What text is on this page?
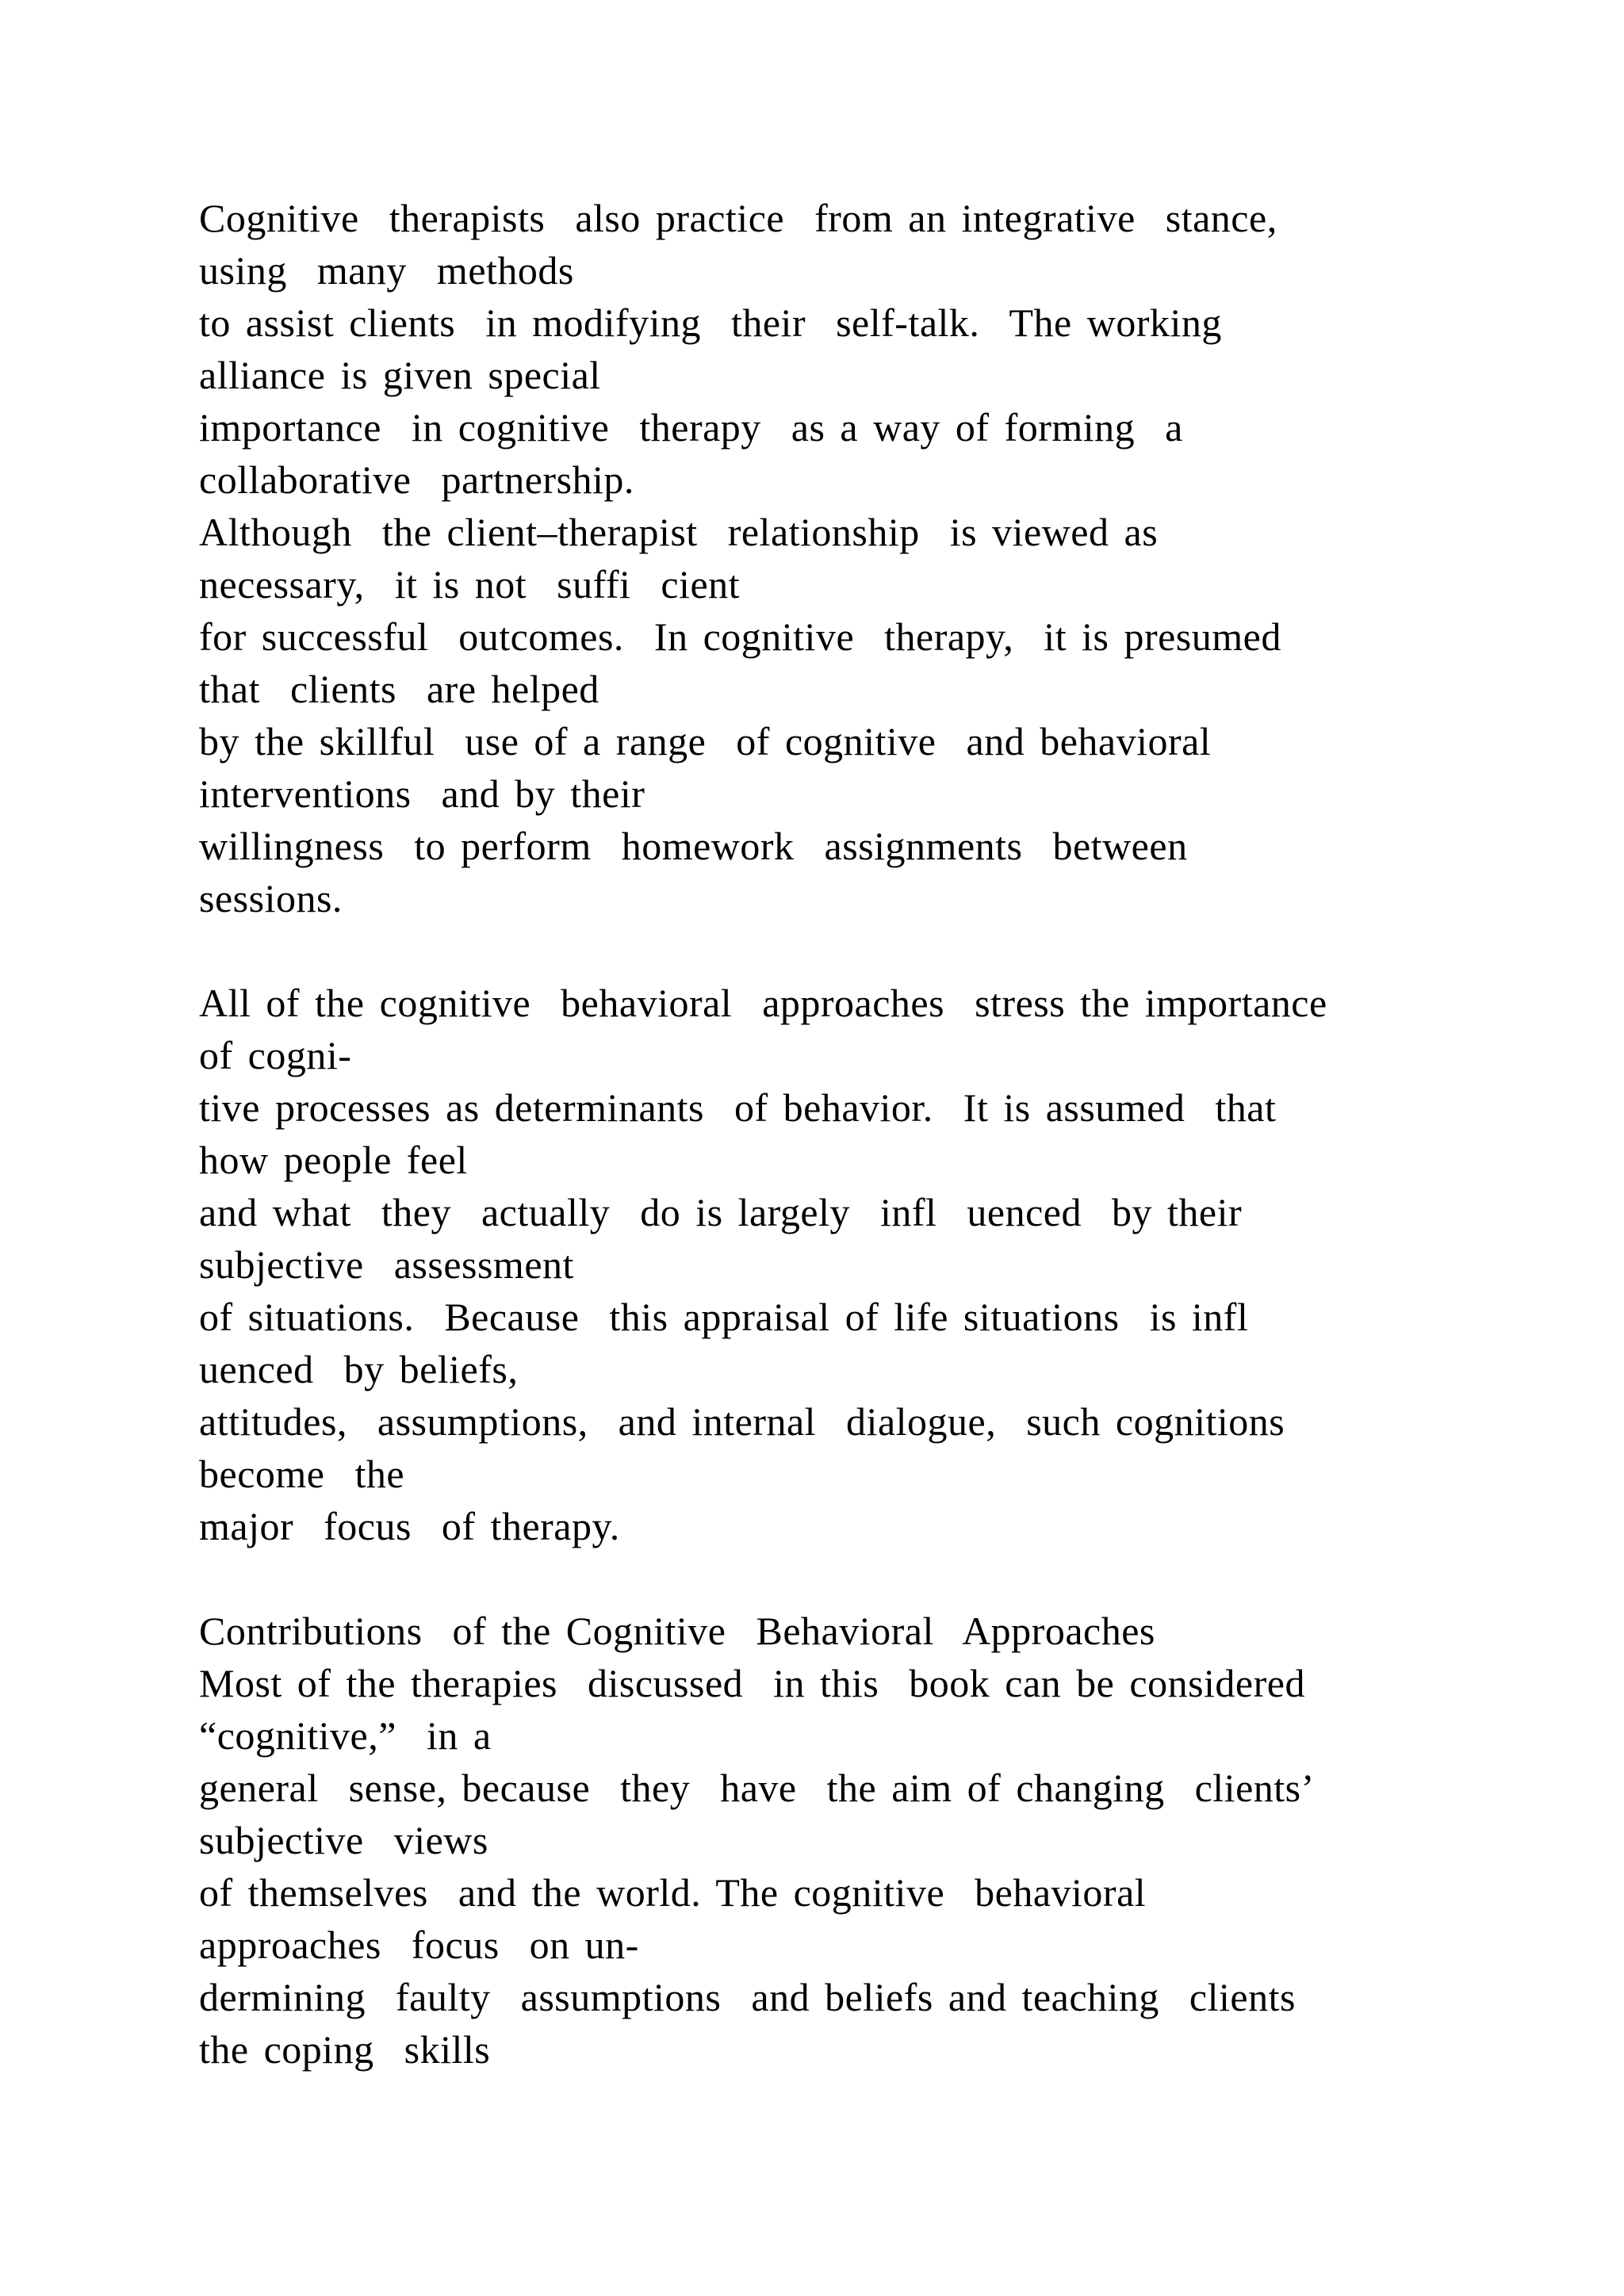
Cognitive  therapists  also practice  from an integrative  stance,
using  many  methods
to assist clients  in modifying  their  self-talk.  The working
alliance is given special
importance  in cognitive  therapy  as a way of forming  a
collaborative  partnership.
Although  the client–therapist  relationship  is viewed as
necessary,  it is not  suffi  cient
for successful  outcomes.  In cognitive  therapy,  it is presumed
that  clients  are helped
by the skillful  use of a range  of cognitive  and behavioral
interventions  and by their
willingness  to perform  homework  assignments  between
sessions.
All of the cognitive  behavioral  approaches  stress the importance
of cogni-
tive processes as determinants  of behavior.  It is assumed  that
how people feel
and what  they  actually  do is largely  infl  uenced  by their
subjective  assessment
of situations.  Because  this appraisal of life situations  is infl
uenced  by beliefs,
attitudes,  assumptions,  and internal  dialogue,  such cognitions
become  the
major  focus  of therapy.
Contributions  of the Cognitive  Behavioral  Approaches
Most of the therapies  discussed  in this  book can be considered
“cognitive,”  in a
general  sense, because  they  have  the aim of changing  clients’
subjective  views
of themselves  and the world. The cognitive  behavioral
approaches  focus  on un-
dermining  faulty  assumptions  and beliefs and teaching  clients
the coping  skills
